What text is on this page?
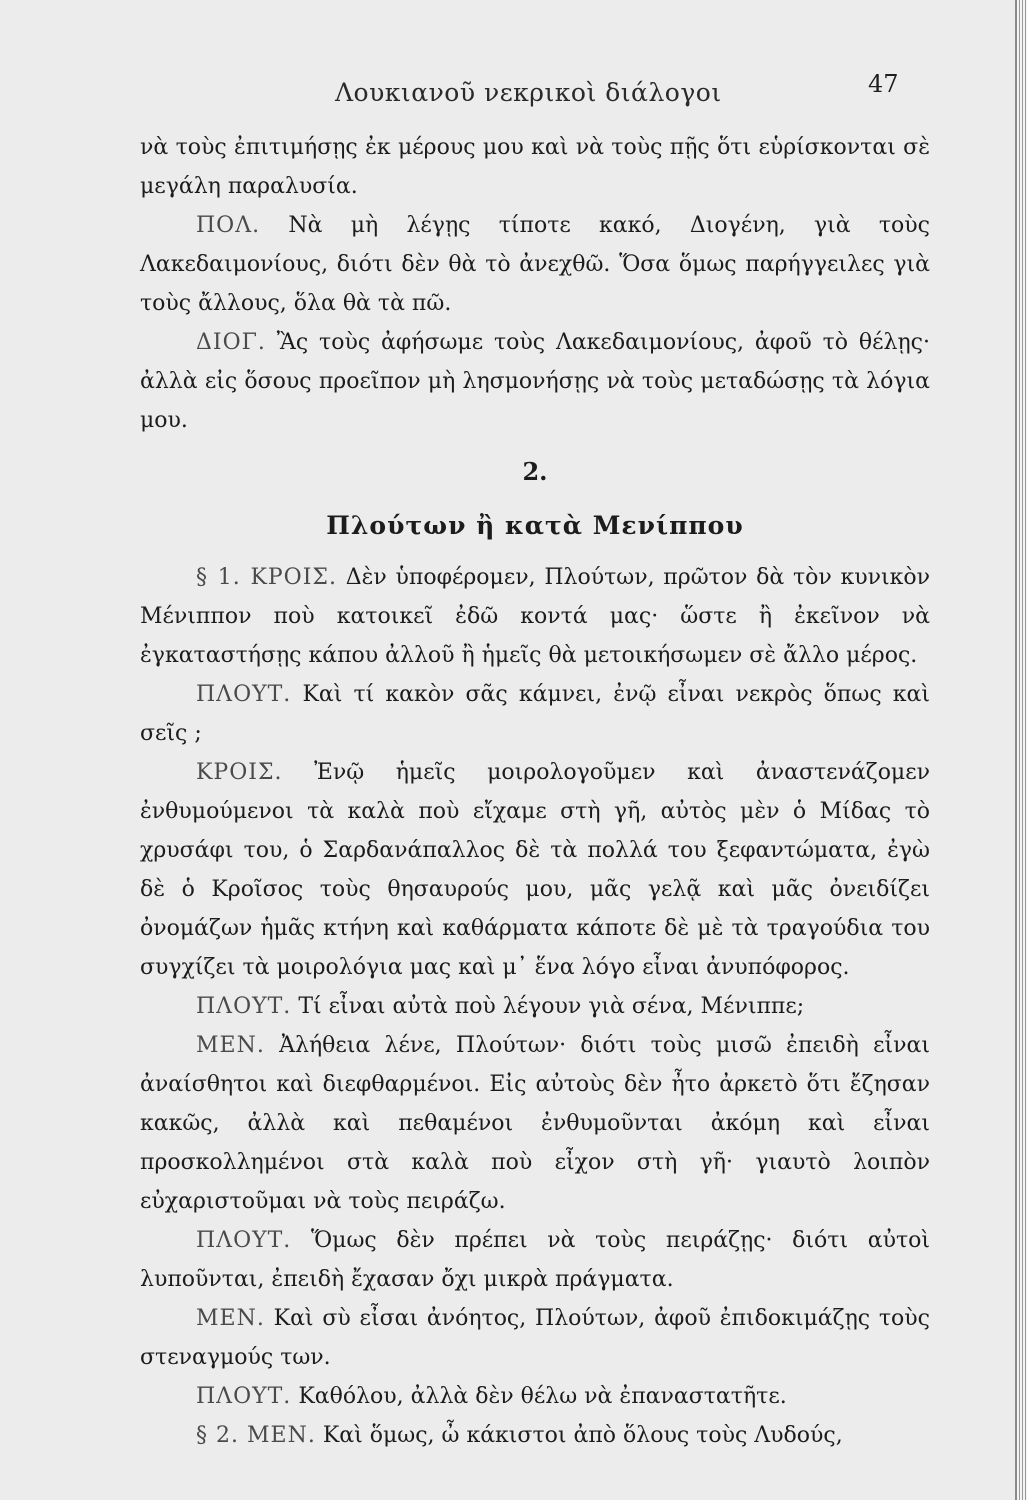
Λουκιανοῦ νεκρικοὶ διάλογοι	47

νὰ τοὺς ἐπιτιμήσῃς ἐκ μέρους μου καὶ νὰ τοὺς πῇς ὅτι εὑρίσκονται σὲ μεγάλη παραλυσία.

ΠΟΛ. Νὰ μὴ λέγῃς τίποτε κακό, Διογένη, γιὰ τοὺς Λακεδαιμονίους, διότι δὲν θὰ τὸ ἀνεχθῶ. Ὅσα ὅμως παρήγγειλες γιὰ τοὺς ἄλλους, ὅλα θὰ τὰ πῶ.

ΔΙΟΓ. Ἂς τοὺς ἀφήσωμε τοὺς Λακεδαιμονίους, ἀφοῦ τὸ θέλῃς· ἀλλὰ εἰς ὅσους προεῖπον μὴ λησμονήσῃς νὰ τοὺς μεταδώσῃς τὰ λόγια μου.

2.
Πλούτων ἢ κατὰ Μενίππου

§ 1. ΚΡΟΙΣ. Δὲν ὑποφέρομεν, Πλούτων, πρῶτον δὰ τὸν κυνικὸν Μένιππον ποὺ κατοικεῖ ἐδῶ κοντά μας· ὥστε ἢ ἐκεῖνον νὰ ἐγκαταστήσῃς κάπου ἀλλοῦ ἢ ἡμεῖς θὰ μετοικήσωμεν σὲ ἄλλο μέρος.

ΠΛΟΥΤ. Καὶ τί κακὸν σᾶς κάμνει, ἐνῷ εἶναι νεκρὸς ὅπως καὶ σεῖς ;

ΚΡΟΙΣ. Ἐνῷ ἡμεῖς μοιρολογοῦμεν καὶ ἀναστενάζομεν ἐνθυμούμενοι τὰ καλὰ ποὺ εἴχαμε στὴ γῆ, αὐτὸς μὲν ὁ Μίδας τὸ χρυσάφι του, ὁ Σαρδανάπαλλος δὲ τὰ πολλά του ξεφαντώματα, ἐγὼ δὲ ὁ Κροῖσος τοὺς θησαυρούς μου, μᾶς γελᾷ καὶ μᾶς ὀνειδίζει ὀνομάζων ἡμᾶς κτήνη καὶ καθάρματα κάποτε δὲ μὲ τὰ τραγούδια του συγχίζει τὰ μοιρολόγια μας καὶ μ᾽ ἕνα λόγο εἶναι ἀνυπόφορος.

ΠΛΟΥΤ. Τί εἶναι αὐτὰ ποὺ λέγουν γιὰ σένα, Μένιππε;

ΜΕΝ. Ἀλήθεια λένε, Πλούτων· διότι τοὺς μισῶ ἐπειδὴ εἶναι ἀναίσθητοι καὶ διεφθαρμένοι. Εἰς αὐτοὺς δὲν ἦτο ἀρκετὸ ὅτι ἔζησαν κακῶς, ἀλλὰ καὶ πεθαμένοι ἐνθυμοῦνται ἀκόμη καὶ εἶναι προσκολλημένοι στὰ καλὰ ποὺ εἶχον στὴ γῆ· γιαυτὸ λοιπὸν εὐχαριστοῦμαι νὰ τοὺς πειράζω.

ΠΛΟΥΤ. Ὅμως δὲν πρέπει νὰ τοὺς πειράζῃς· διότι αὐτοὶ λυποῦνται, ἐπειδὴ ἔχασαν ὄχι μικρὰ πράγματα.

ΜΕΝ. Καὶ σὺ εἶσαι ἀνόητος, Πλούτων, ἀφοῦ ἐπιδοκιμάζῃς τοὺς στεναγμούς των.

ΠΛΟΥΤ. Καθόλου, ἀλλὰ δὲν θέλω νὰ ἐπαναστατῆτε.

§ 2. ΜΕΝ. Καὶ ὅμως, ὦ κάκιστοι ἀπὸ ὅλους τοὺς Λυδούς,
